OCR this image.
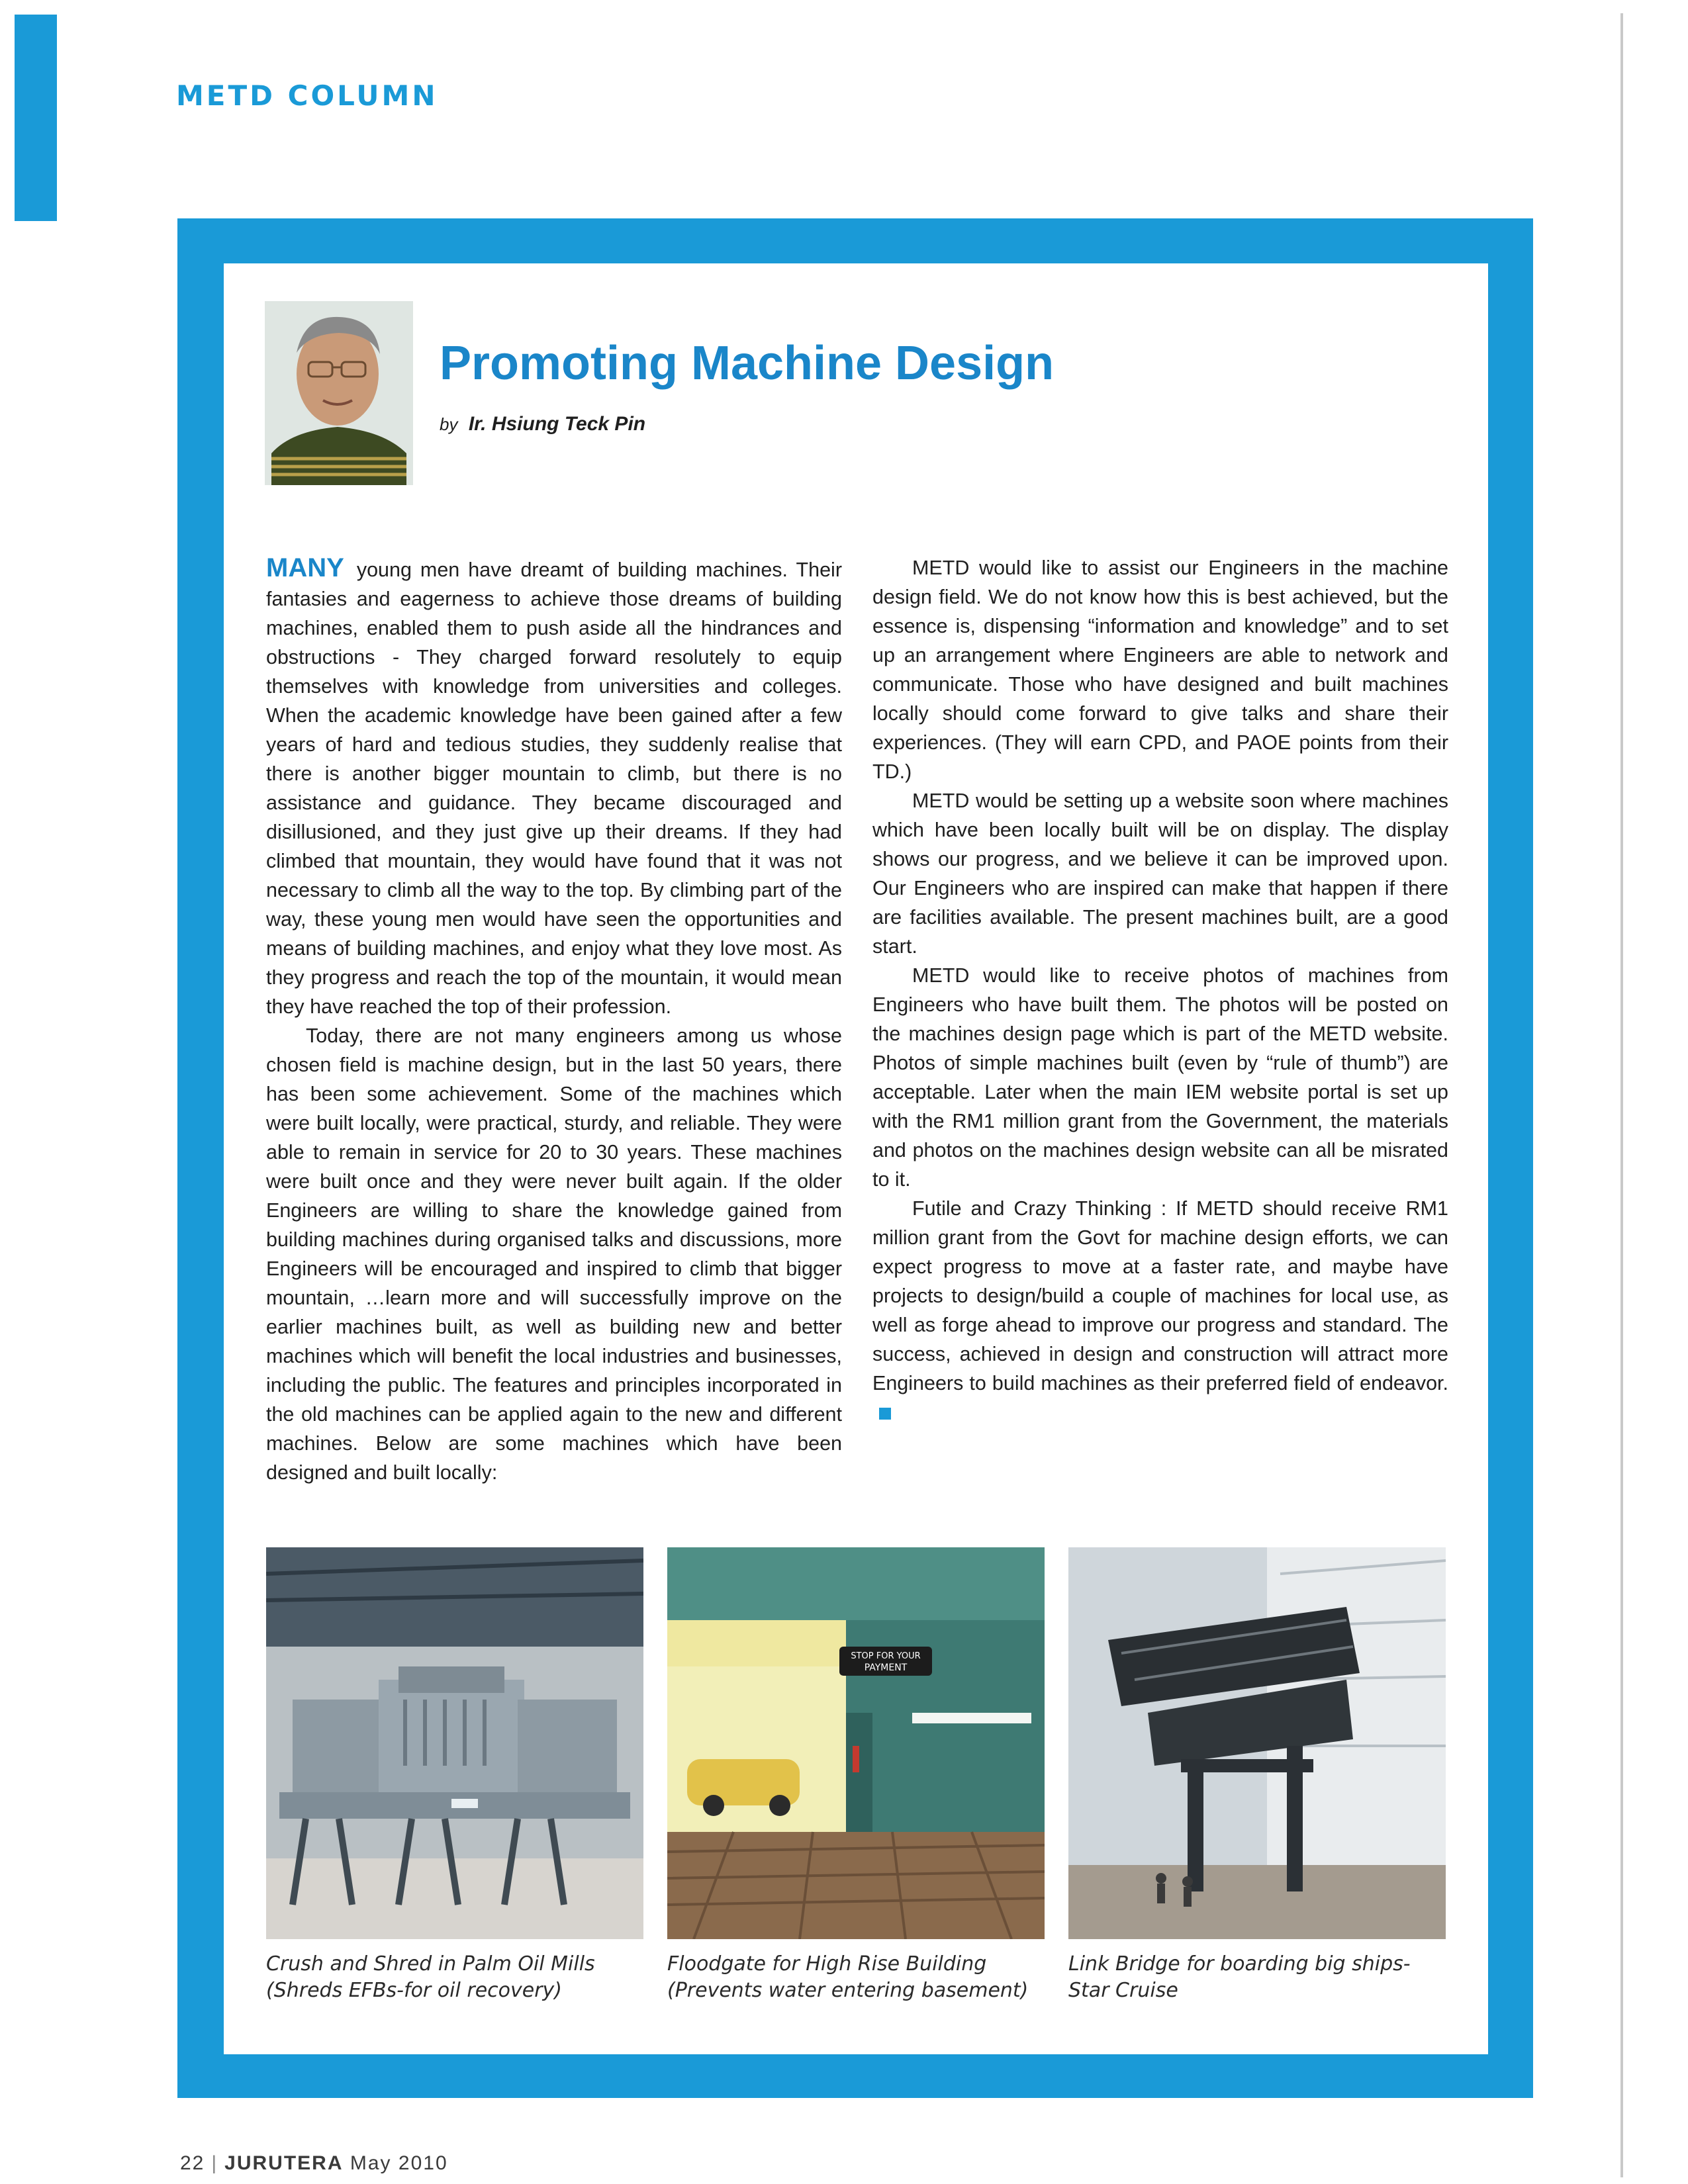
METD COLUMN
Promoting Machine Design
by Ir. Hsiung Teck Pin

MANY young men have dreamt of building machines. Their fantasies and eagerness to achieve those dreams of building machines, enabled them to push aside all the hindrances and obstructions - They charged forward resolutely to equip themselves with knowledge from universities and colleges. When the academic knowledge have been gained after a few years of hard and tedious studies, they suddenly realise that there is another bigger mountain to climb, but there is no assistance and guidance. They became discouraged and disillusioned, and they just give up their dreams. If they had climbed that mountain, they would have found that it was not necessary to climb all the way to the top. By climbing part of the way, these young men would have seen the opportunities and means of building machines, and enjoy what they love most. As they progress and reach the top of the mountain, it would mean they have reached the top of their profession.

Today, there are not many engineers among us whose chosen field is machine design, but in the last 50 years, there has been some achievement. Some of the machines which were built locally, were practical, sturdy, and reliable. They were able to remain in service for 20 to 30 years. These machines were built once and they were never built again. If the older Engineers are willing to share the knowledge gained from building machines during organised talks and discussions, more Engineers will be encouraged and inspired to climb that bigger mountain, …learn more and will successfully improve on the earlier machines built, as well as building new and better machines which will benefit the local industries and businesses, including the public. The features and principles incorporated in the old machines can be applied again to the new and different machines. Below are some machines which have been designed and built locally:

METD would like to assist our Engineers in the machine design field. We do not know how this is best achieved, but the essence is, dispensing “information and knowledge” and to set up an arrangement where Engineers are able to network and communicate. Those who have designed and built machines locally should come forward to give talks and share their experiences. (They will earn CPD, and PAOE points from their TD.)

METD would be setting up a website soon where machines which have been locally built will be on display. The display shows our progress, and we believe it can be improved upon. Our Engineers who are inspired can make that happen if there are facilities available. The present machines built, are a good start.

METD would like to receive photos of machines from Engineers who have built them. The photos will be posted on the machines design page which is part of the METD website. Photos of simple machines built (even by “rule of thumb”) are acceptable. Later when the main IEM website portal is set up with the RM1 million grant from the Government, the materials and photos on the machines design website can all be misrated to it.

Futile and Crazy Thinking : If METD should receive RM1 million grant from the Govt for machine design efforts, we can expect progress to move at a faster rate, and maybe have projects to design/build a couple of machines for local use, as well as forge ahead to improve our progress and standard. The success, achieved in design and construction will attract more Engineers to build machines as their preferred field of endeavor.

Crush and Shred in Palm Oil Mills
(Shreds EFBs-for oil recovery)
STOP FOR YOUR
PAYMENT
Floodgate for High Rise Building
(Prevents water entering basement)
Link Bridge for boarding big ships-
Star Cruise
22 | JURUTERA May 2010
